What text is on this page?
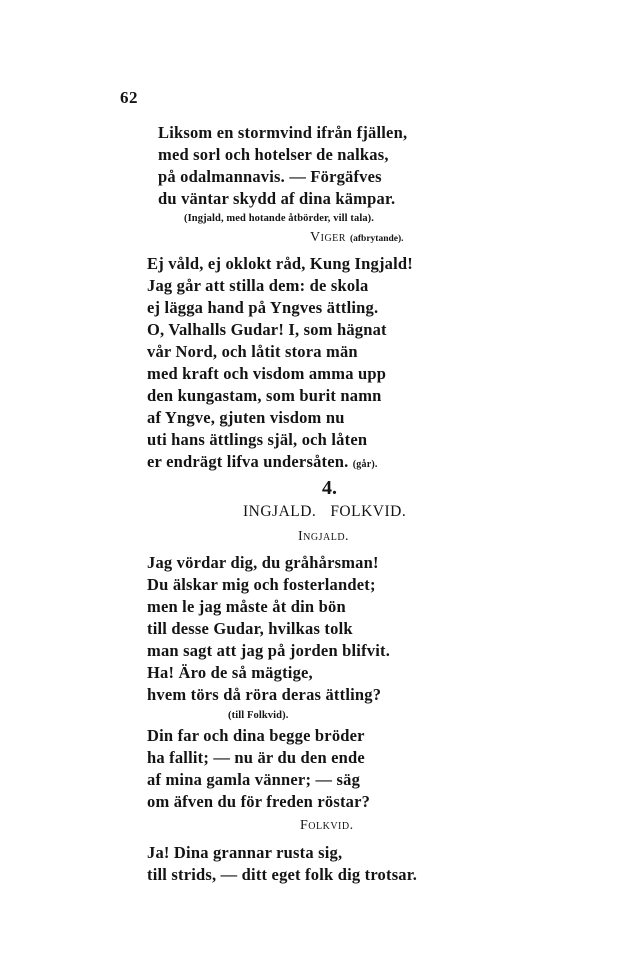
62
Liksom en stormvind ifrån fjällen,
med sorl och hotelser de nalkas,
på odalmannavis. — Förgäfves
du väntar skydd af dina kämpar.
(Ingjald, med hotande åtbörder, vill tala).
Viger (afbrytande).
Ej våld, ej oklokt råd, Kung Ingjald!
Jag går att stilla dem: de skola
ej lägga hand på Yngves ättling.
O, Valhalls Gudar! I, som hägnat
vår Nord, och låtit stora män
med kraft och visdom amma upp
den kungastam, som burit namn
af Yngve, gjuten visdom nu
uti hans ättlings själ, och låten
er endrägt lifva undersåten. (går).
4.
INGJALD. FOLKVID.
Ingjald.
Jag vördar dig, du gråhårsman!
Du älskar mig och fosterlandet;
men le jag måste åt din bön
till desse Gudar, hvilkas tolk
man sagt att jag på jorden blifvit.
Ha! Äro de så mägtige,
hvem törs då röra deras ättling?
(till Folkvid).
Din far och dina begge bröder
ha fallit; — nu är du den ende
af mina gamla vänner; — säg
om äfven du för freden röstar?
Folkvid.
Ja! Dina grannar rusta sig,
till strids, — ditt eget folk dig trotsar.
